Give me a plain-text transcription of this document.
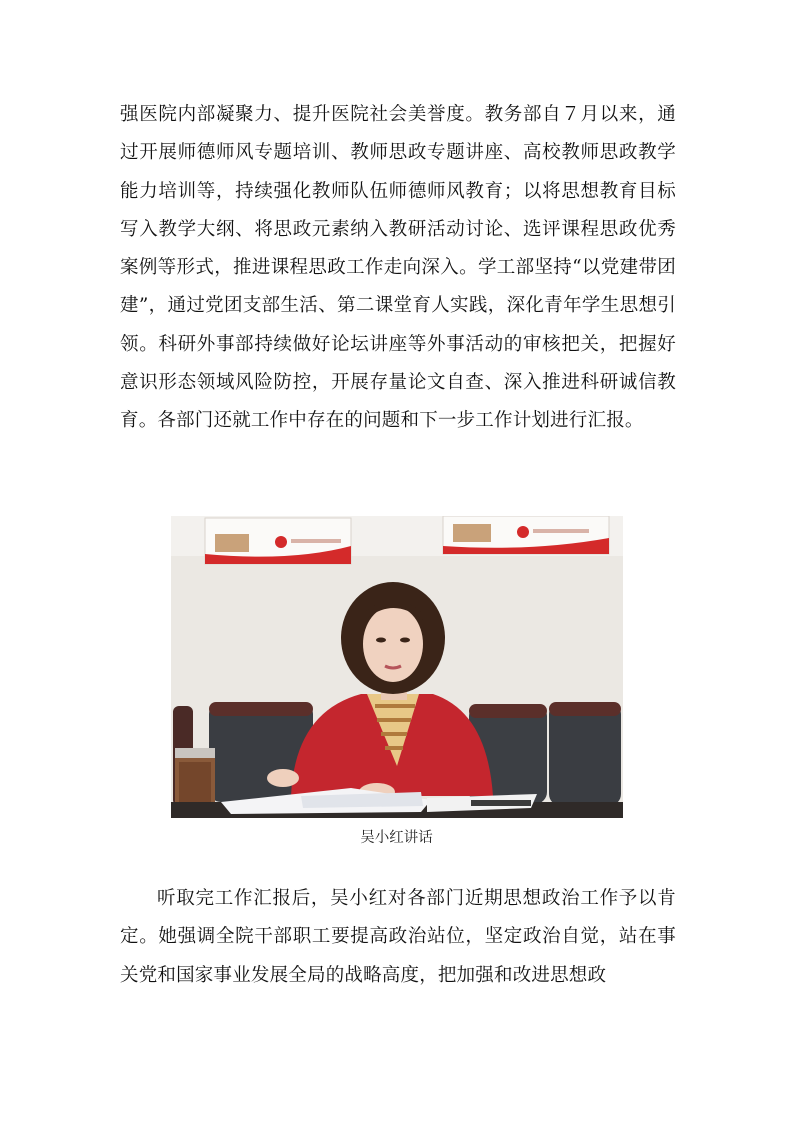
强医院内部凝聚力、提升医院社会美誉度。教务部自７月以来，通过开展师德师风专题培训、教师思政专题讲座、高校教师思政教学能力培训等，持续强化教师队伍师德师风教育；以将思想教育目标写入教学大纲、将思政元素纳入教研活动讨论、选评课程思政优秀案例等形式，推进课程思政工作走向深入。学工部坚持“以党建带团建”，通过党团支部生活、第二课堂育人实践，深化青年学生思想引领。科研外事部持续做好论坛讲座等外事活动的审核把关，把握好意识形态领域风险防控，开展存量论文自查、深入推进科研诚信教育。各部门还就工作中存在的问题和下一步工作计划进行汇报。

吴小红讲话

听取完工作汇报后，吴小红对各部门近期思想政治工作予以肯定。她强调全院干部职工要提高政治站位，坚定政治自觉，站在事关党和国家事业发展全局的战略高度，把加强和改进思想政
